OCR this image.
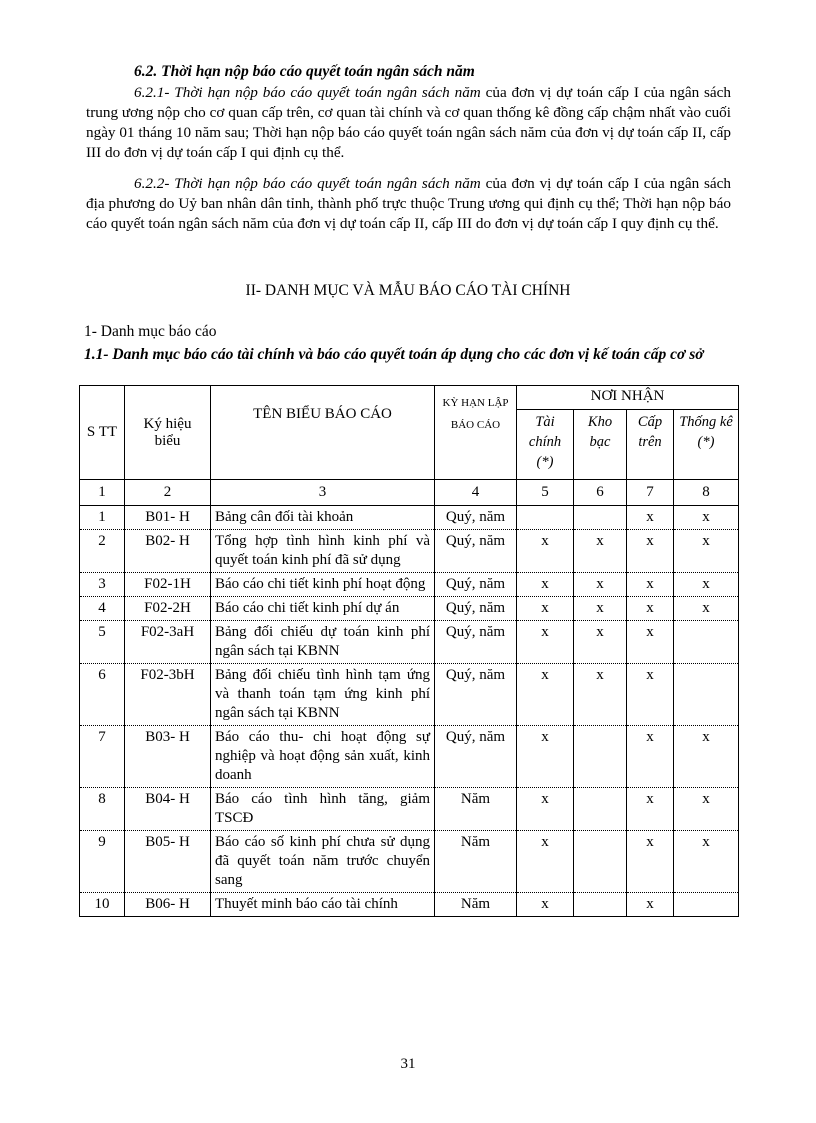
6.2. Thời hạn nộp báo cáo quyết toán ngân sách năm

6.2.1- Thời hạn nộp báo cáo quyết toán ngân sách năm của đơn vị dự toán cấp I của ngân sách trung ương nộp cho cơ quan cấp trên, cơ quan tài chính và cơ quan thống kê đồng cấp chậm nhất vào cuối ngày 01 tháng 10 năm sau; Thời hạn nộp báo cáo quyết toán ngân sách năm của đơn vị dự toán cấp II, cấp III do đơn vị dự toán cấp I qui định cụ thể.

6.2.2- Thời hạn nộp báo cáo quyết toán ngân sách năm của đơn vị dự toán cấp I của ngân sách địa phương do Uỷ ban nhân dân tỉnh, thành phố trực thuộc Trung ương qui định cụ thể; Thời hạn nộp báo cáo quyết toán ngân sách năm của đơn vị dự toán cấp II, cấp III do đơn vị dự toán cấp I quy định cụ thể.

II- DANH MỤC VÀ MẪU BÁO CÁO TÀI CHÍNH

1- Danh mục báo cáo

1.1- Danh mục báo cáo tài chính và báo cáo quyết toán áp dụng cho các đơn vị kế toán cấp cơ sở

S TT	Ký hiệu biểu	TÊN BIỂU BÁO CÁO	KỲ HẠN LẬP BÁO CÁO	NƠI NHẬN			
				Tài chính (*)	Kho bạc	Cấp trên	Thống kê (*)
1	2	3	4	5	6	7	8
1	B01- H	Bảng cân đối tài khoản	Quý, năm			x	x
2	B02- H	Tổng hợp tình hình kinh phí và quyết toán kinh phí đã sử dụng	Quý, năm	x	x	x	x
3	F02-1H	Báo cáo chi tiết kinh phí hoạt động	Quý, năm	x	x	x	x
4	F02-2H	Báo cáo chi tiết kinh phí dự án	Quý, năm	x	x	x	x
5	F02-3aH	Bảng đối chiếu dự toán kinh phí ngân sách tại KBNN	Quý, năm	x	x	x	
6	F02-3bH	Bảng đối chiếu tình hình tạm ứng và thanh toán tạm ứng kinh phí ngân sách tại KBNN	Quý, năm	x	x	x	
7	B03- H	Báo cáo thu- chi hoạt động sự nghiệp và hoạt động sản xuất, kinh doanh	Quý, năm	x		x	x
8	B04- H	Báo cáo tình hình tăng, giảm TSCĐ	Năm	x		x	x
9	B05- H	Báo cáo số kinh phí chưa sử dụng đã quyết toán năm trước chuyển sang	Năm	x		x	x
10	B06- H	Thuyết minh báo cáo tài chính	Năm	x		x	

31
